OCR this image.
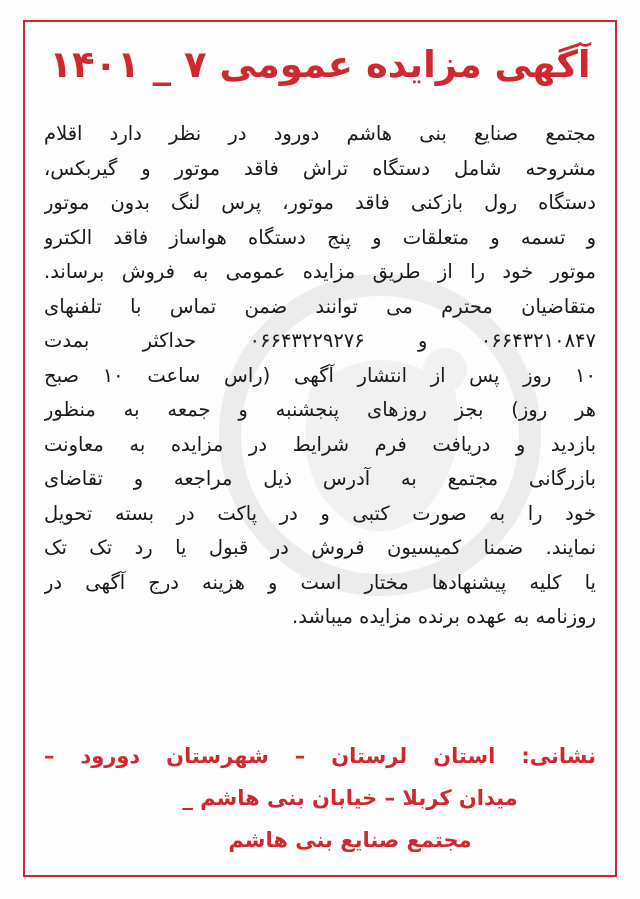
آگهی مزایده عمومی ۷ _ ۱۴۰۱
مجتمع صنایع بنی هاشم دورود در نظر دارد اقلام
مشروحه شامل دستگاه تراش فاقد موتور و گیربکس،
دستگاه رول بازکنی فاقد موتور، پرس لنگ بدون موتور
و تسمه و متعلقات و پنج دستگاه هواساز فاقد الکترو
موتور خود را از طریق مزایده عمومی به فروش برساند.
متقاضیان محترم می توانند ضمن تماس با تلفنهای
۰۶۶۴۳۲۱۰۸۴۷ و ۰۶۶۴۳۲۲۹۲۷۶ حداکثر بمدت
۱۰ روز پس از انتشار آگهی (راس ساعت ۱۰ صبح
هر روز) بجز روزهای پنجشنبه و جمعه به منظور
بازدید و دریافت فرم شرایط در مزایده به معاونت
بازرگانی مجتمع به آدرس ذیل مراجعه و تقاضای
خود را به صورت کتبی و در پاکت در بسته تحویل
نمایند. ضمنا کمیسیون فروش در قبول یا رد تک تک
یا کلیه پیشنهادها مختار است و هزینه درج آگهی در
روزنامه به عهده برنده مزایده میباشد.
نشانی: استان لرستان – شهرستان دورود –
میدان کربلا – خیابان بنی هاشم _
مجتمع صنایع بنی هاشم
